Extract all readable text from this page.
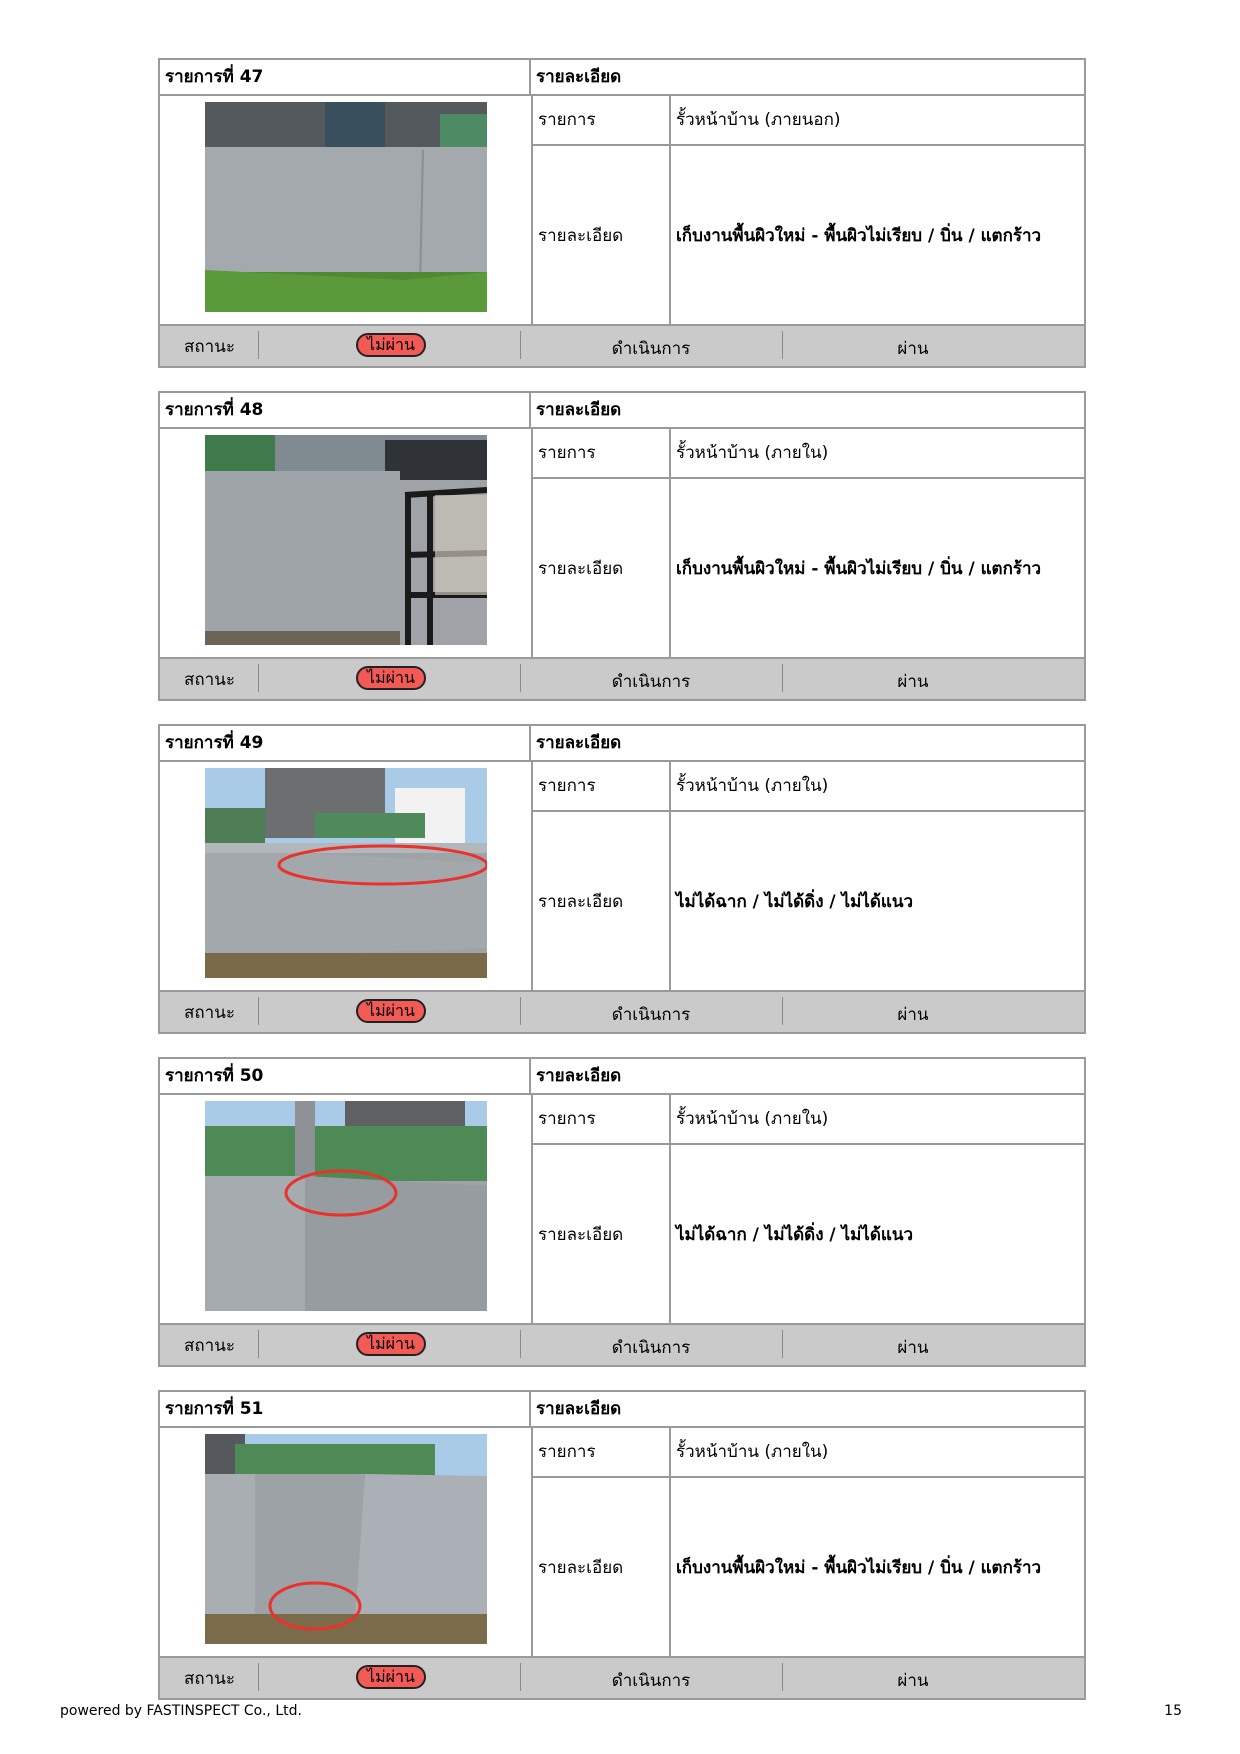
รายการที่ 47	รายละเอียด
รายการ	รั้วหน้าบ้าน (ภายนอก)
รายละเอียด	เก็บงานพื้นผิวใหม่ - พื้นผิวไม่เรียบ / บิ่น / แตกร้าว
สถานะ	ไม่ผ่าน	ดำเนินการ	ผ่าน
รายการที่ 48	รายละเอียด
รายการ	รั้วหน้าบ้าน (ภายใน)
รายละเอียด	เก็บงานพื้นผิวใหม่ - พื้นผิวไม่เรียบ / บิ่น / แตกร้าว
สถานะ	ไม่ผ่าน	ดำเนินการ	ผ่าน
รายการที่ 49	รายละเอียด
รายการ	รั้วหน้าบ้าน (ภายใน)
รายละเอียด	ไม่ได้ฉาก / ไม่ได้ดิ่ง / ไม่ได้แนว
สถานะ	ไม่ผ่าน	ดำเนินการ	ผ่าน
รายการที่ 50	รายละเอียด
รายการ	รั้วหน้าบ้าน (ภายใน)
รายละเอียด	ไม่ได้ฉาก / ไม่ได้ดิ่ง / ไม่ได้แนว
สถานะ	ไม่ผ่าน	ดำเนินการ	ผ่าน
รายการที่ 51	รายละเอียด
รายการ	รั้วหน้าบ้าน (ภายใน)
รายละเอียด	เก็บงานพื้นผิวใหม่ - พื้นผิวไม่เรียบ / บิ่น / แตกร้าว
สถานะ	ไม่ผ่าน	ดำเนินการ	ผ่าน
powered by FASTINSPECT Co., Ltd.	15
